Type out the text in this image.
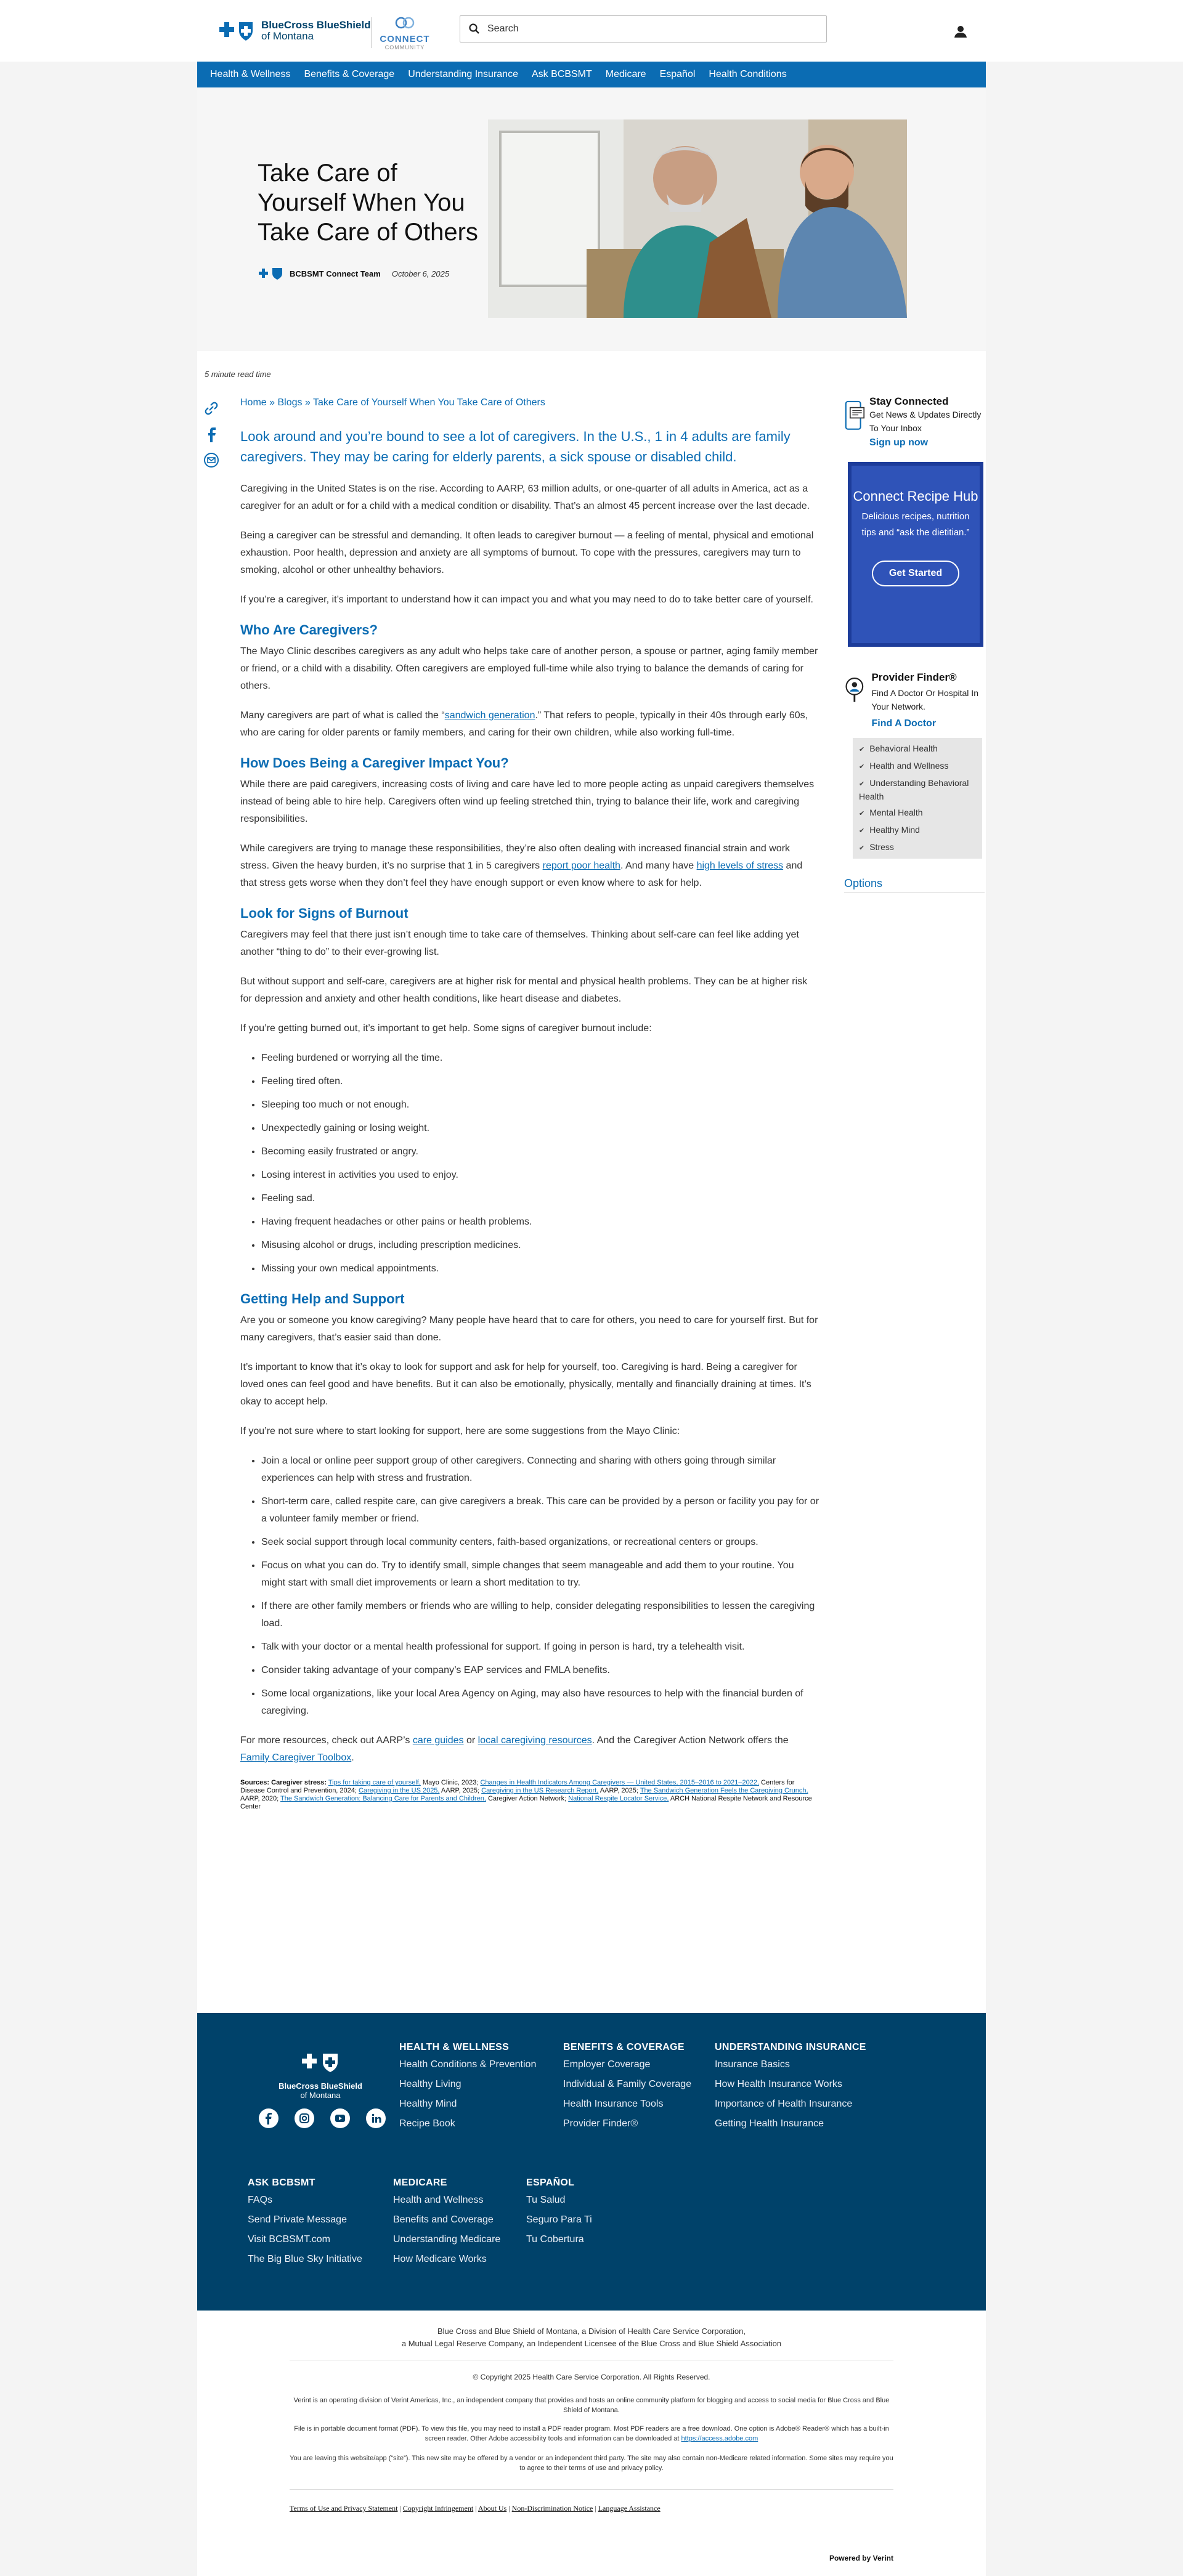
BlueCross BlueShield
of Montana	CONNECT
COMMUNITY
Search
Health & Wellness Benefits & Coverage Understanding Insurance Ask BCBSMT Medicare Español Health Conditions
Take Care of Yourself When You Take Care of Others
BCBSMT Connect Team October 6, 2025
5 minute read time
Home » Blogs » Take Care of Yourself When You Take Care of Others
Look around and you’re bound to see a lot of caregivers. In the U.S., 1 in 4 adults are family caregivers. They may be caring for elderly parents, a sick spouse or disabled child.

Caregiving in the United States is on the rise. According to AARP, 63 million adults, or one-quarter of all adults in America, act as a caregiver for an adult or for a child with a medical condition or disability. That’s an almost 45 percent increase over the last decade.

Being a caregiver can be stressful and demanding. It often leads to caregiver burnout — a feeling of mental, physical and emotional exhaustion. Poor health, depression and anxiety are all symptoms of burnout. To cope with the pressures, caregivers may turn to smoking, alcohol or other unhealthy behaviors.

If you’re a caregiver, it’s important to understand how it can impact you and what you may need to do to take better care of yourself.

Who Are Caregivers?

The Mayo Clinic describes caregivers as any adult who helps take care of another person, a spouse or partner, aging family member or friend, or a child with a disability. Often caregivers are employed full-time while also trying to balance the demands of caring for others.

Many caregivers are part of what is called the “sandwich generation.” That refers to people, typically in their 40s through early 60s, who are caring for older parents or family members, and caring for their own children, while also working full-time.

How Does Being a Caregiver Impact You?

While there are paid caregivers, increasing costs of living and care have led to more people acting as unpaid caregivers themselves instead of being able to hire help. Caregivers often wind up feeling stretched thin, trying to balance their life, work and caregiving responsibilities.

While caregivers are trying to manage these responsibilities, they’re also often dealing with increased financial strain and work stress. Given the heavy burden, it’s no surprise that 1 in 5 caregivers report poor health. And many have high levels of stress and that stress gets worse when they don’t feel they have enough support or even know where to ask for help.

Look for Signs of Burnout

Caregivers may feel that there just isn’t enough time to take care of themselves. Thinking about self-care can feel like adding yet another “thing to do” to their ever-growing list.

But without support and self-care, caregivers are at higher risk for mental and physical health problems. They can be at higher risk for depression and anxiety and other health conditions, like heart disease and diabetes.

If you’re getting burned out, it’s important to get help. Some signs of caregiver burnout include:

• Feeling burdened or worrying all the time.
• Feeling tired often.
• Sleeping too much or not enough.
• Unexpectedly gaining or losing weight.
• Becoming easily frustrated or angry.
• Losing interest in activities you used to enjoy.
• Feeling sad.
• Having frequent headaches or other pains or health problems.
• Misusing alcohol or drugs, including prescription medicines.
• Missing your own medical appointments.
Getting Help and Support

Are you or someone you know caregiving? Many people have heard that to care for others, you need to care for yourself first. But for many caregivers, that’s easier said than done.

It’s important to know that it’s okay to look for support and ask for help for yourself, too. Caregiving is hard. Being a caregiver for loved ones can feel good and have benefits. But it can also be emotionally, physically, mentally and financially draining at times. It’s okay to accept help.

If you’re not sure where to start looking for support, here are some suggestions from the Mayo Clinic:

• Join a local or online peer support group of other caregivers. Connecting and sharing with others going through similar experiences can help with stress and frustration.
• Short-term care, called respite care, can give caregivers a break. This care can be provided by a person or facility you pay for or a volunteer family member or friend.
• Seek social support through local community centers, faith-based organizations, or recreational centers or groups.
• Focus on what you can do. Try to identify small, simple changes that seem manageable and add them to your routine. You might start with small diet improvements or learn a short meditation to try.
• If there are other family members or friends who are willing to help, consider delegating responsibilities to lessen the caregiving load.
• Talk with your doctor or a mental health professional for support. If going in person is hard, try a telehealth visit.
• Consider taking advantage of your company’s EAP services and FMLA benefits.
• Some local organizations, like your local Area Agency on Aging, may also have resources to help with the financial burden of caregiving.

For more resources, check out AARP’s care guides or local caregiving resources. And the Caregiver Action Network offers the Family Caregiver Toolbox.

Sources: Caregiver stress: Tips for taking care of yourself, Mayo Clinic, 2023; Changes in Health Indicators Among Caregivers — United States, 2015–2016 to 2021–2022, Centers for Disease Control and Prevention, 2024; Caregiving in the US 2025, AARP, 2025; Caregiving in the US Research Report, AARP, 2025; The Sandwich Generation Feels the Caregiving Crunch, AARP, 2020; The Sandwich Generation: Balancing Care for Parents and Children, Caregiver Action Network; National Respite Locator Service, ARCH National Respite Network and Resource Center
Stay Connected

Get News & Updates Directly To Your Inbox

Sign up now
Connect Recipe Hub

Delicious recipes, nutrition tips and “ask the dietitian.”

Get Started
Provider Finder®

Find A Doctor Or Hospital In Your Network.

Find A Doctor
✔ Behavioral Health
✔ Health and Wellness
✔ Understanding Behavioral Health
✔ Mental Health
✔ Healthy Mind
✔ Stress
Options
BlueCross BlueShield
of Montana
HEALTH & WELLNESS
Health Conditions & Prevention
Healthy Living
Healthy Mind
Recipe Book
BENEFITS & COVERAGE
Employer Coverage
Individual & Family Coverage
Health Insurance Tools
Provider Finder®
UNDERSTANDING INSURANCE
Insurance Basics
How Health Insurance Works
Importance of Health Insurance
Getting Health Insurance
ASK BCBSMT
FAQs
Send Private Message
Visit BCBSMT.com
The Big Blue Sky Initiative
MEDICARE
Health and Wellness
Benefits and Coverage
Understanding Medicare
How Medicare Works
ESPAÑOL
Tu Salud
Seguro Para Ti
Tu Cobertura
Blue Cross and Blue Shield of Montana, a Division of Health Care Service Corporation,
a Mutual Legal Reserve Company, an Independent Licensee of the Blue Cross and Blue Shield Association
© Copyright 2025 Health Care Service Corporation. All Rights Reserved.
Verint is an operating division of Verint Americas, Inc., an independent company that provides and hosts an online community platform for blogging and access to social media for Blue Cross and Blue Shield of Montana.
File is in portable document format (PDF). To view this file, you may need to install a PDF reader program. Most PDF readers are a free download. One option is Adobe® Reader® which has a built-in screen reader. Other Adobe accessibility tools and information can be downloaded at https://access.adobe.com
You are leaving this website/app (“site”). This new site may be offered by a vendor or an independent third party. The site may also contain non-Medicare related information. Some sites may require you to agree to their terms of use and privacy policy.
Terms of Use and Privacy Statement | Copyright Infringement | About Us | Non-Discrimination Notice | Language Assistance
Powered by Verint
